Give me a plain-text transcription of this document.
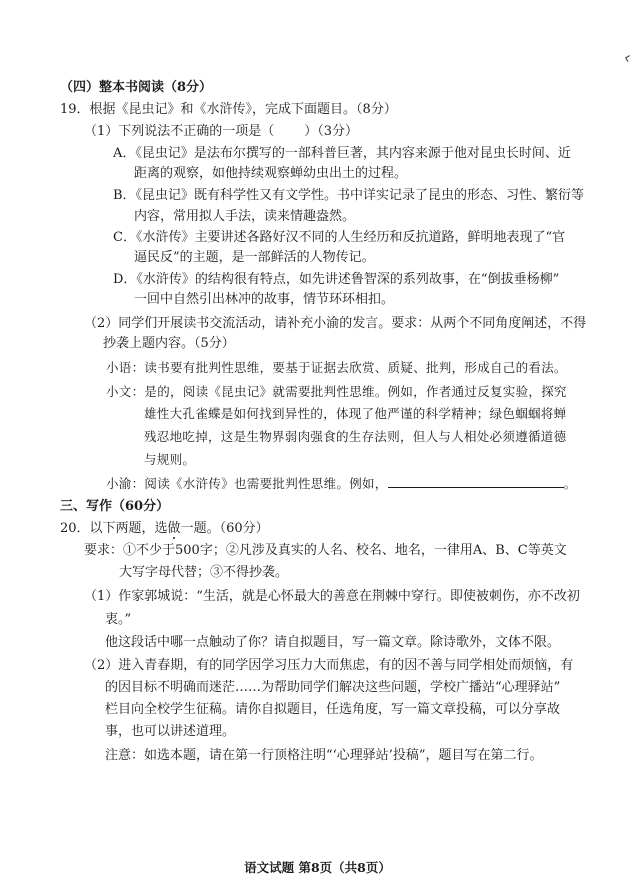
（四）整本书阅读（8分）
19．根据《昆虫记》和《水浒传》，完成下面题目。（8分）
（1）下列说法不正确的一项是（ ）（3分）
A．《昆虫记》是法布尔撰写的一部科普巨著，其内容来源于他对昆虫长时间、近
距离的观察，如他持续观察蝉幼虫出土的过程。
B．《昆虫记》既有科学性又有文学性。书中详实记录了昆虫的形态、习性、繁衍等
内容，常用拟人手法，读来情趣盎然。
C．《水浒传》主要讲述各路好汉不同的人生经历和反抗道路，鲜明地表现了“官
逼民反”的主题，是一部鲜活的人物传记。
D．《水浒传》的结构很有特点，如先讲述鲁智深的系列故事，在“倒拔垂杨柳”
一回中自然引出林冲的故事，情节环环相扣。
（2）同学们开展读书交流活动，请补充小渝的发言。要求：从两个不同角度阐述，不得
抄袭上题内容。（5分）
小语：读书要有批判性思维，要基于证据去欣赏、质疑、批判，形成自己的看法。
小文：是的，阅读《昆虫记》就需要批判性思维。例如，作者通过反复实验，探究
雄性大孔雀蝶是如何找到异性的，体现了他严谨的科学精神；绿色蝈蝈将蝉
残忍地吃掉，这是生物界弱肉强食的生存法则，但人与人相处必须遵循道德
与规则。
小渝：阅读《水浒传》也需要批判性思维。例如，	。
三、写作（60分）
20．以下两题，选做一题。（60分）
要求：①不少于500字；②凡涉及真实的人名、校名、地名，一律用A、B、C等英文
大写字母代替；③不得抄袭。
（1）作家郭城说：“生活，就是心怀最大的善意在荆棘中穿行。即使被刺伤，亦不改初
衷。”
他这段话中哪一点触动了你？请自拟题目，写一篇文章。除诗歌外，文体不限。
（2）进入青春期，有的同学因学习压力大而焦虑，有的因不善与同学相处而烦恼，有
的因目标不明确而迷茫……为帮助同学们解决这些问题，学校广播站“心理驿站”
栏目向全校学生征稿。请你自拟题目，任选角度，写一篇文章投稿，可以分享故
事，也可以讲述道理。
注意：如选本题，请在第一行顶格注明“‘心理驿站’投稿”，题目写在第二行。
语文试题 第8页（共8页）
